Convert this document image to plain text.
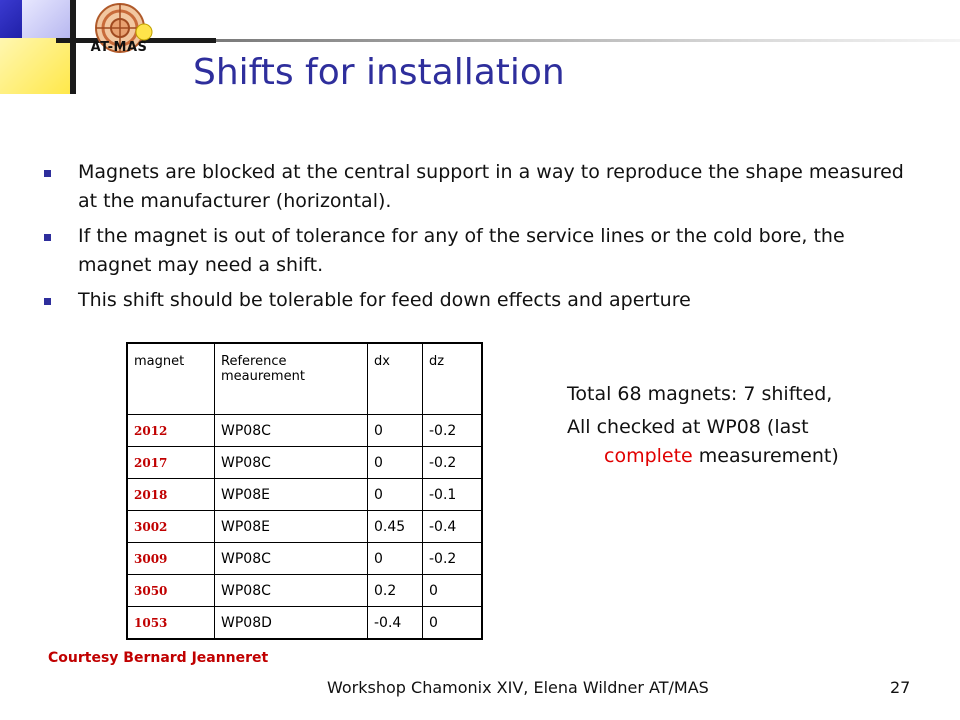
AT-MAS
Shifts for installation
Magnets are blocked at the central support in a way to reproduce the shape measured at the manufacturer (horizontal).
If the magnet is out of tolerance for any of the service lines or the cold bore, the magnet may need a shift.
This shift should be tolerable for feed down effects and aperture
magnet	Reference meaurement	dx	dz
2012	WP08C	0	-0.2
2017	WP08C	0	-0.2
2018	WP08E	0	-0.1
3002	WP08E	0.45	-0.4
3009	WP08C	0	-0.2
3050	WP08C	0.2	0
1053	WP08D	-0.4	0

Total 68 magnets: 7 shifted,

All checked at WP08 (last

complete measurement)

Courtesy Bernard Jeanneret
Workshop Chamonix XIV, Elena Wildner AT/MAS	27
